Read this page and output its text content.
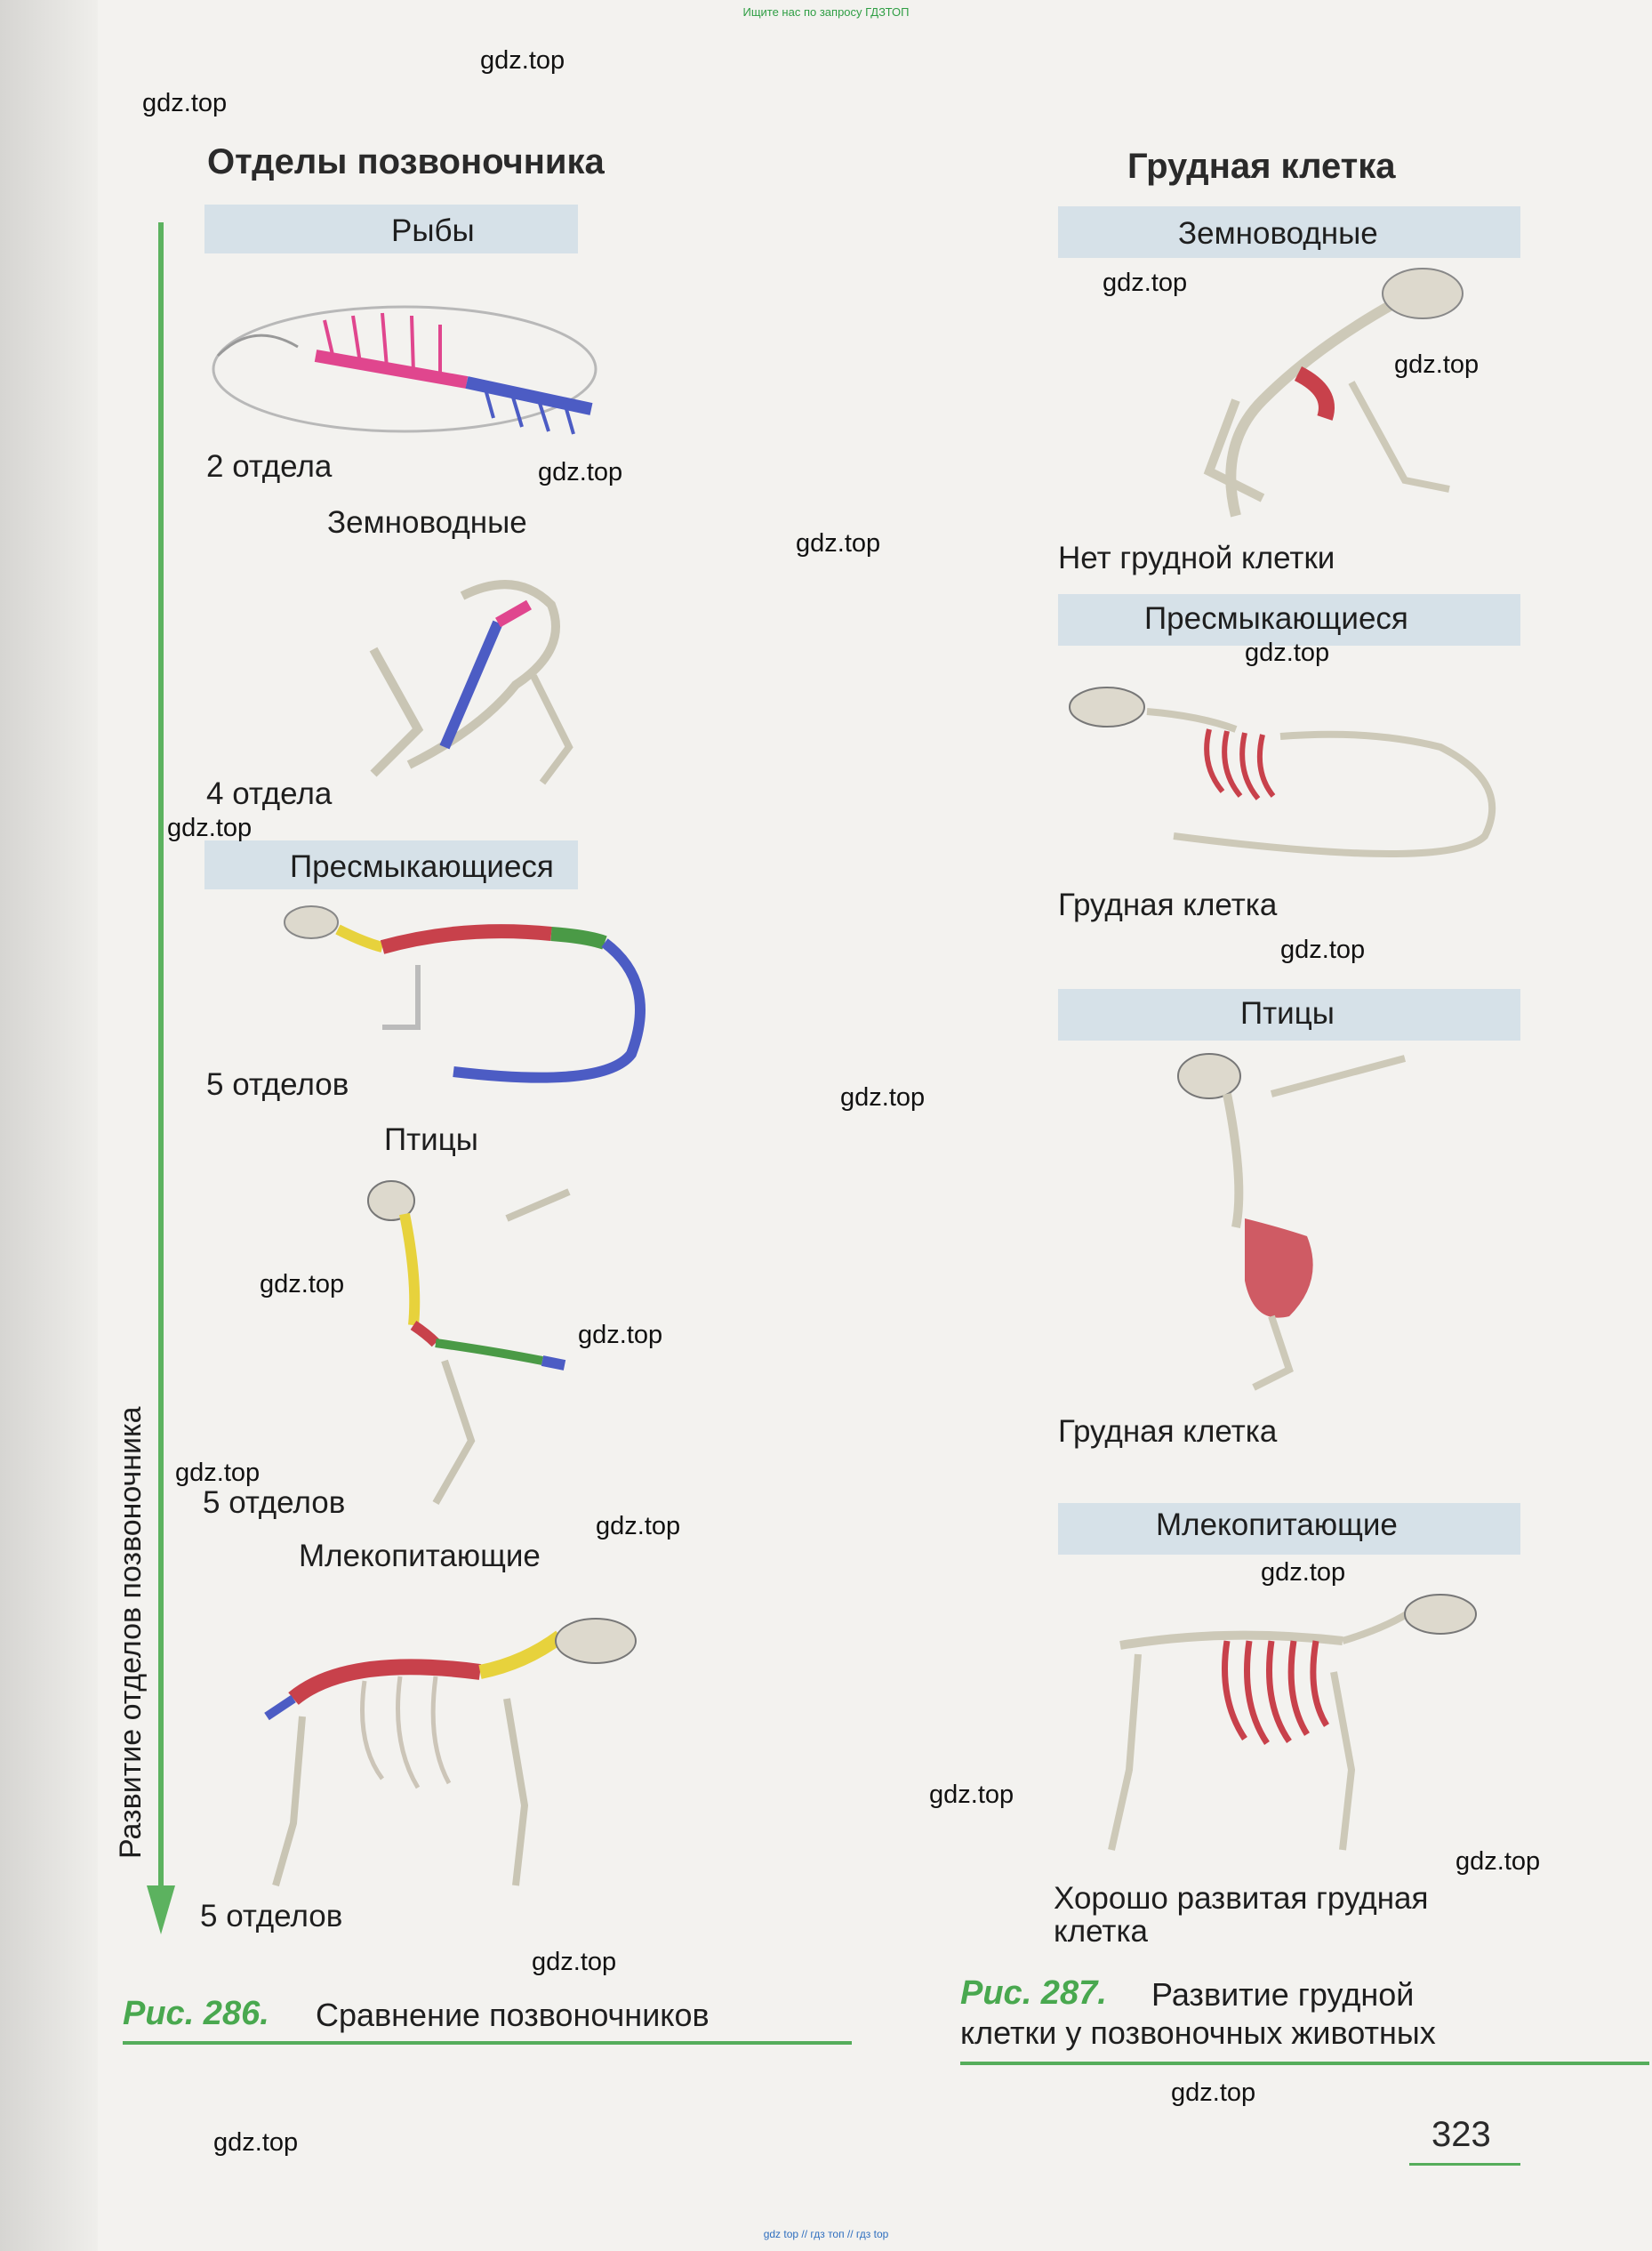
Ищите нас по запросу ГДЗТОП
Отделы позвоночника
Развитие отделов позвоночника
Рыбы
2 отдела
Земноводные
4 отдела
Пресмыкающиеся
5 отделов
Птицы
5 отделов
Млекопитающие
5 отделов
Рис. 286. Сравнение позвоночников
Грудная клетка
Земноводные
Нет грудной клетки
Пресмыкающиеся
Грудная клетка
Птицы
Грудная клетка
Млекопитающие
Хорошо развитая грудная
клетка
Рис. 287. Развитие грудной
клетки у позвоночных животных
323
gdz.top
gdz.top
gdz.top
gdz.top
gdz.top
gdz.top
gdz.top
gdz.top
gdz.top
gdz.top
gdz.top
gdz.top
gdz.top
gdz.top
gdz.top
gdz.top
gdz.top
gdz.top
gdz.top
gdz.top
gdz top // гдз топ // гдз top
